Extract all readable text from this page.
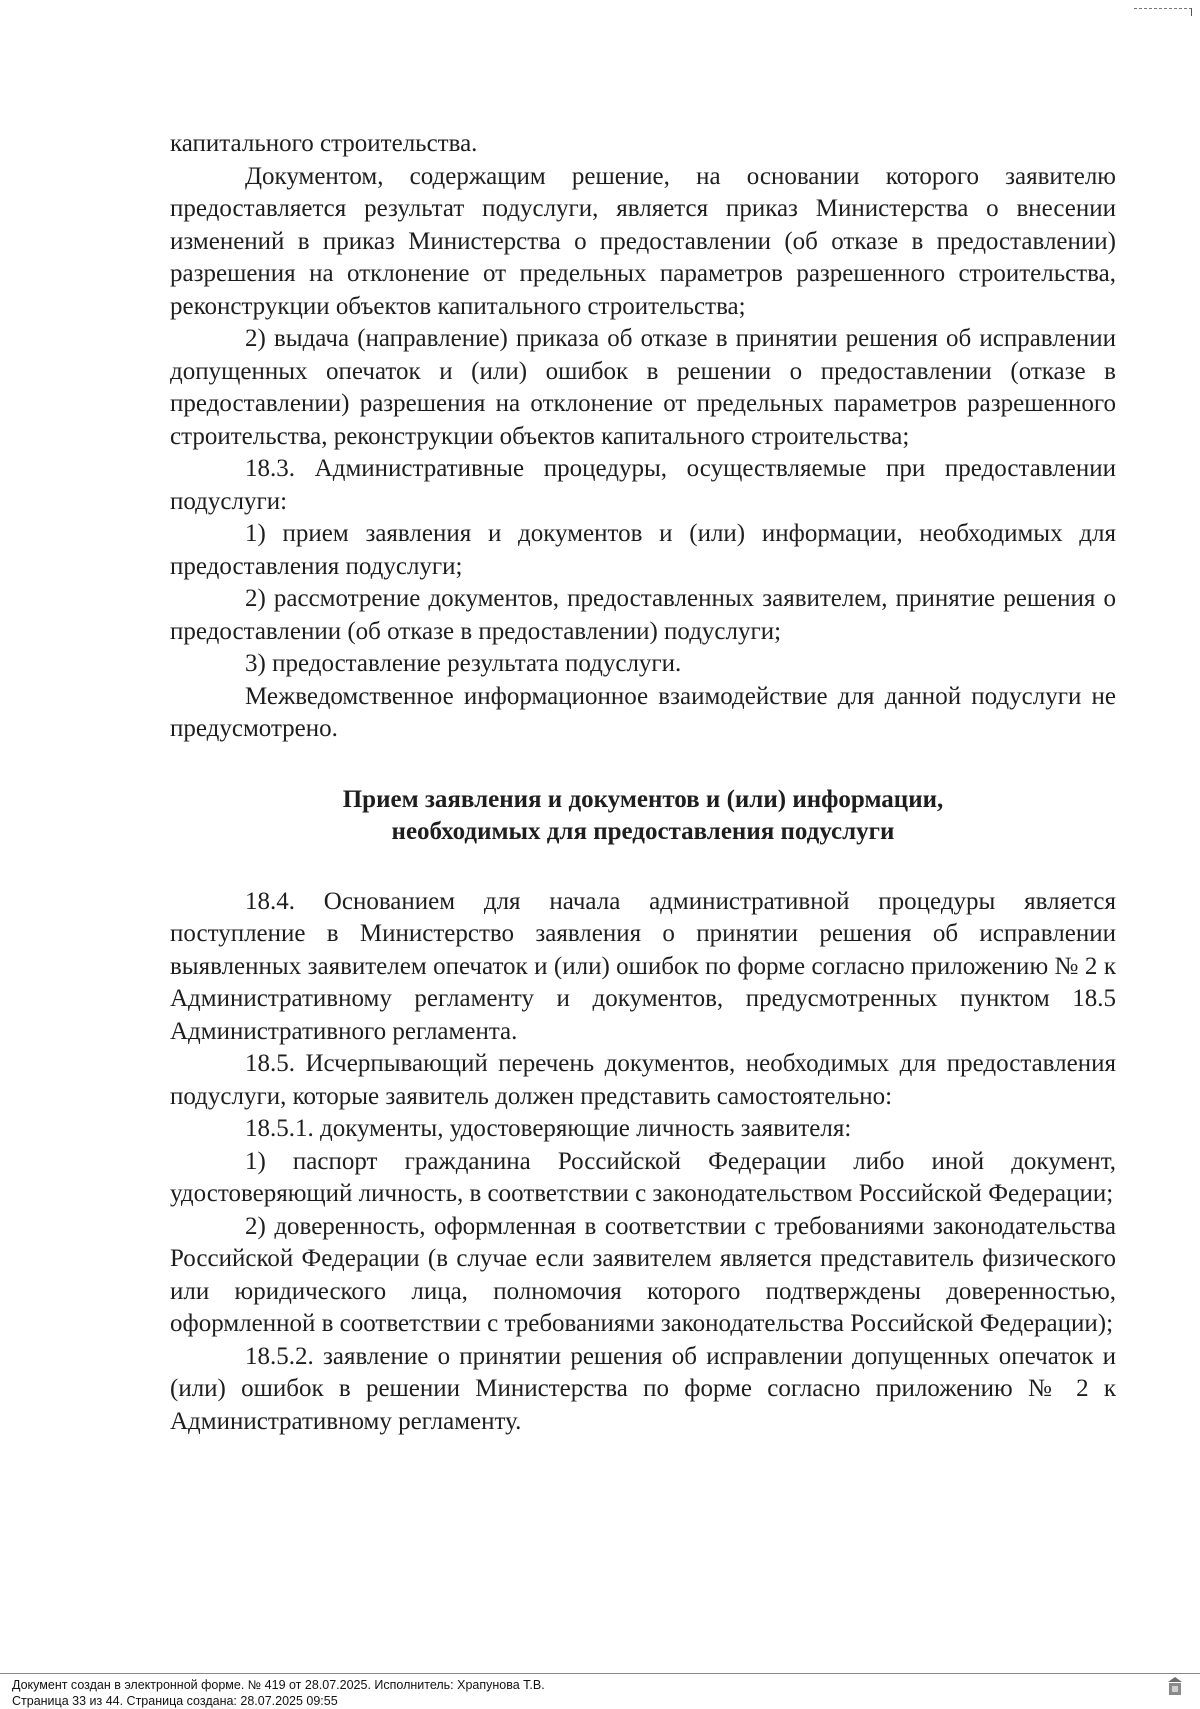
капитального строительства.

Документом, содержащим решение, на основании которого заявителю предоставляется результат подуслуги, является приказ Министерства о внесении изменений в приказ Министерства о предоставлении (об отказе в предоставлении) разрешения на отклонение от предельных параметров разрешенного строительства, реконструкции объектов капитального строительства;

2) выдача (направление) приказа об отказе в принятии решения об исправлении допущенных опечаток и (или) ошибок в решении о предоставлении (отказе в предоставлении) разрешения на отклонение от предельных параметров разрешенного строительства, реконструкции объектов капитального строительства;

18.3. Административные процедуры, осуществляемые при предоставлении подуслуги:

1) прием заявления и документов и (или) информации, необходимых для предоставления подуслуги;

2) рассмотрение документов, предоставленных заявителем, принятие решения о предоставлении (об отказе в предоставлении) подуслуги;

3) предоставление результата подуслуги.

Межведомственное информационное взаимодействие для данной подуслуги не предусмотрено.

Прием заявления и документов и (или) информации,
необходимых для предоставления подуслуги

18.4. Основанием для начала административной процедуры является поступление в Министерство заявления о принятии решения об исправлении выявленных заявителем опечаток и (или) ошибок по форме согласно приложению № 2 к Административному регламенту и документов, предусмотренных пунктом 18.5 Административного регламента.

18.5. Исчерпывающий перечень документов, необходимых для предоставления подуслуги, которые заявитель должен представить самостоятельно:

18.5.1. документы, удостоверяющие личность заявителя:

1) паспорт гражданина Российской Федерации либо иной документ, удостоверяющий личность, в соответствии с законодательством Российской Федерации;

2) доверенность, оформленная в соответствии с требованиями законодательства Российской Федерации (в случае если заявителем является представитель физического или юридического лица, полномочия которого подтверждены доверенностью, оформленной в соответствии с требованиями законодательства Российской Федерации);

18.5.2. заявление о принятии решения об исправлении допущенных опечаток и (или) ошибок в решении Министерства по форме согласно приложению № 2 к Административному регламенту.

Документ создан в электронной форме. № 419 от 28.07.2025. Исполнитель: Храпунова Т.В.
Страница 33 из 44. Страница создана: 28.07.2025 09:55
